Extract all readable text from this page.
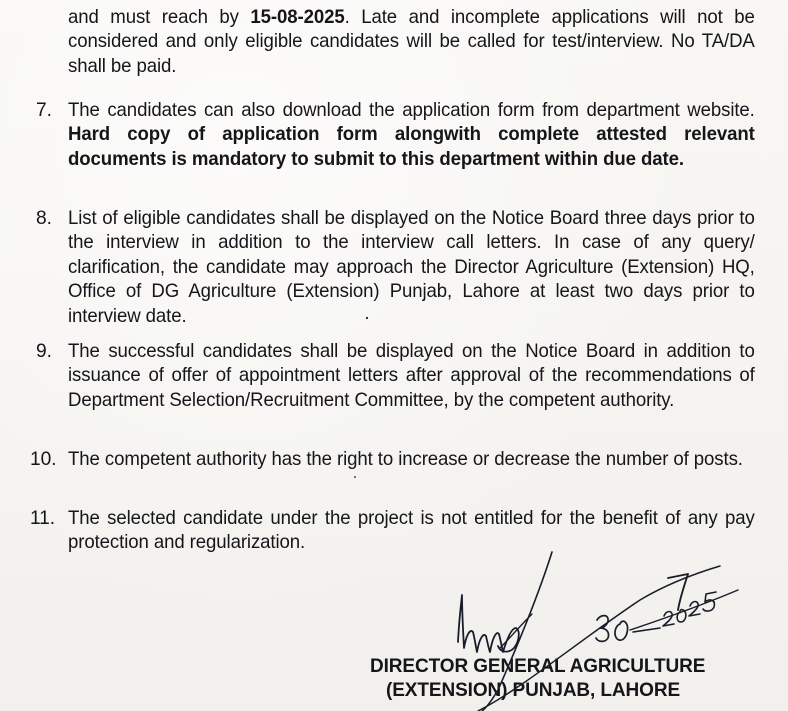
and must reach by 15-08-2025. Late and incomplete applications will not be considered and only eligible candidates will be called for test/interview. No TA/DA shall be paid.
7. The candidates can also download the application form from department website. Hard copy of application form alongwith complete attested relevant documents is mandatory to submit to this department within due date.
8. List of eligible candidates shall be displayed on the Notice Board three days prior to the interview in addition to the interview call letters. In case of any query/ clarification, the candidate may approach the Director Agriculture (Extension) HQ, Office of DG Agriculture (Extension) Punjab, Lahore at least two days prior to interview date.
9. The successful candidates shall be displayed on the Notice Board in addition to issuance of offer of appointment letters after approval of the recommendations of Department Selection/Recruitment Committee, by the competent authority.
10. The competent authority has the right to increase or decrease the number of posts.
11. The selected candidate under the project is not entitled for the benefit of any pay protection and regularization.
DIRECTOR GENERAL AGRICULTURE
(EXTENSION) PUNJAB, LAHORE
